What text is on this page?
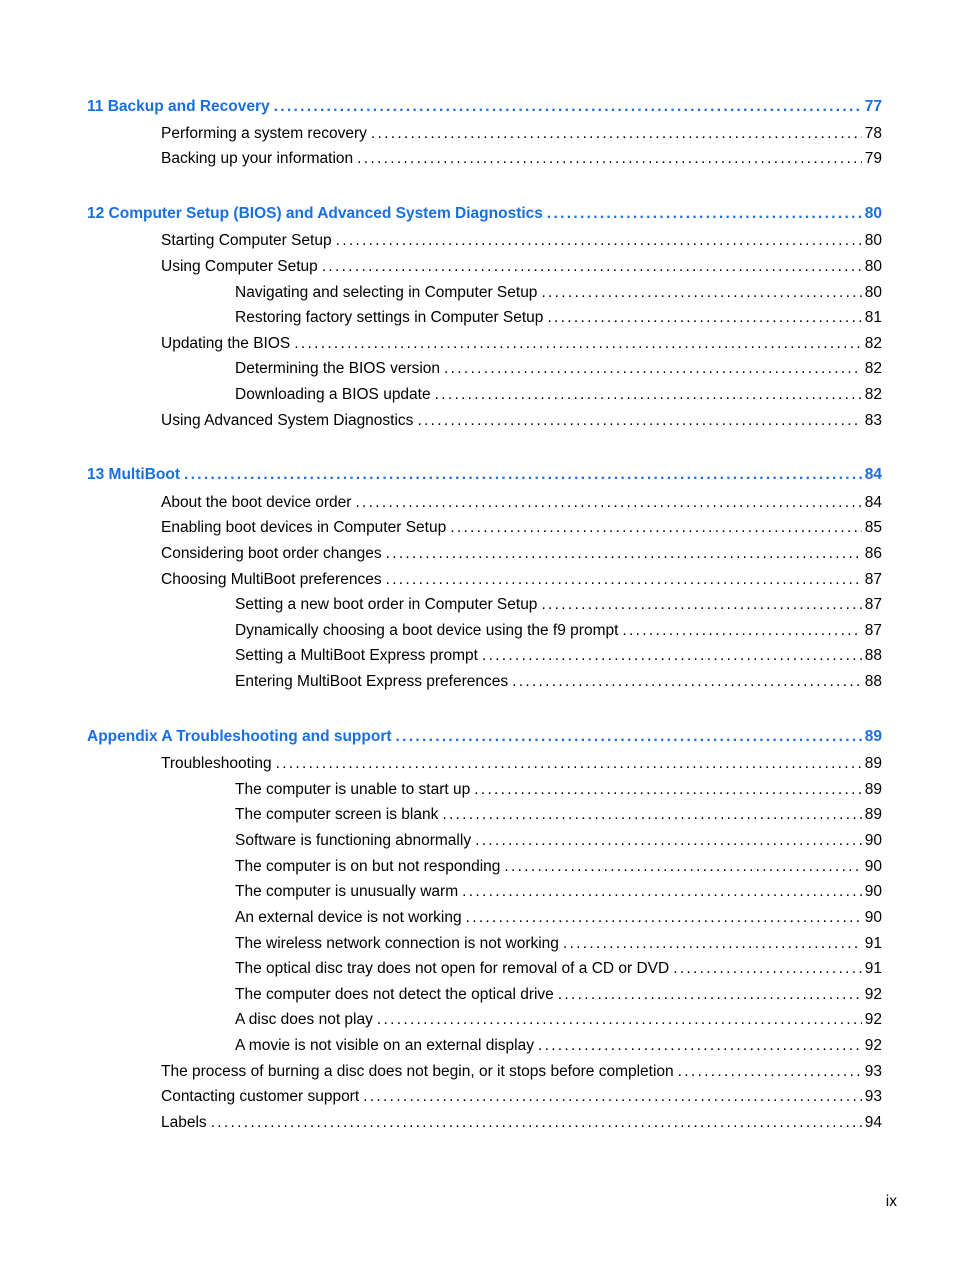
11 Backup and Recovery . . .	77
Performing a system recovery . . .	78
Backing up your information . . .	79
12 Computer Setup (BIOS) and Advanced System Diagnostics . . .	80
Starting Computer Setup . . .	80
Using Computer Setup . . .	80
Navigating and selecting in Computer Setup . . .	80
Restoring factory settings in Computer Setup . . .	81
Updating the BIOS . . .	82
Determining the BIOS version . . .	82
Downloading a BIOS update . . .	82
Using Advanced System Diagnostics . . .	83
13 MultiBoot . . .	84
About the boot device order . . .	84
Enabling boot devices in Computer Setup . . .	85
Considering boot order changes . . .	86
Choosing MultiBoot preferences . . .	87
Setting a new boot order in Computer Setup . . .	87
Dynamically choosing a boot device using the f9 prompt . . .	87
Setting a MultiBoot Express prompt . . .	88
Entering MultiBoot Express preferences . . .	88
Appendix A Troubleshooting and support . . .	89
Troubleshooting . . .	89
The computer is unable to start up . . .	89
The computer screen is blank . . .	89
Software is functioning abnormally . . .	90
The computer is on but not responding . . .	90
The computer is unusually warm . . .	90
An external device is not working . . .	90
The wireless network connection is not working . . .	91
The optical disc tray does not open for removal of a CD or DVD . . .	91
The computer does not detect the optical drive . . .	92
A disc does not play . . .	92
A movie is not visible on an external display . . .	92
The process of burning a disc does not begin, or it stops before completion . . .	93
Contacting customer support . . .	93
Labels . . .	94
ix
